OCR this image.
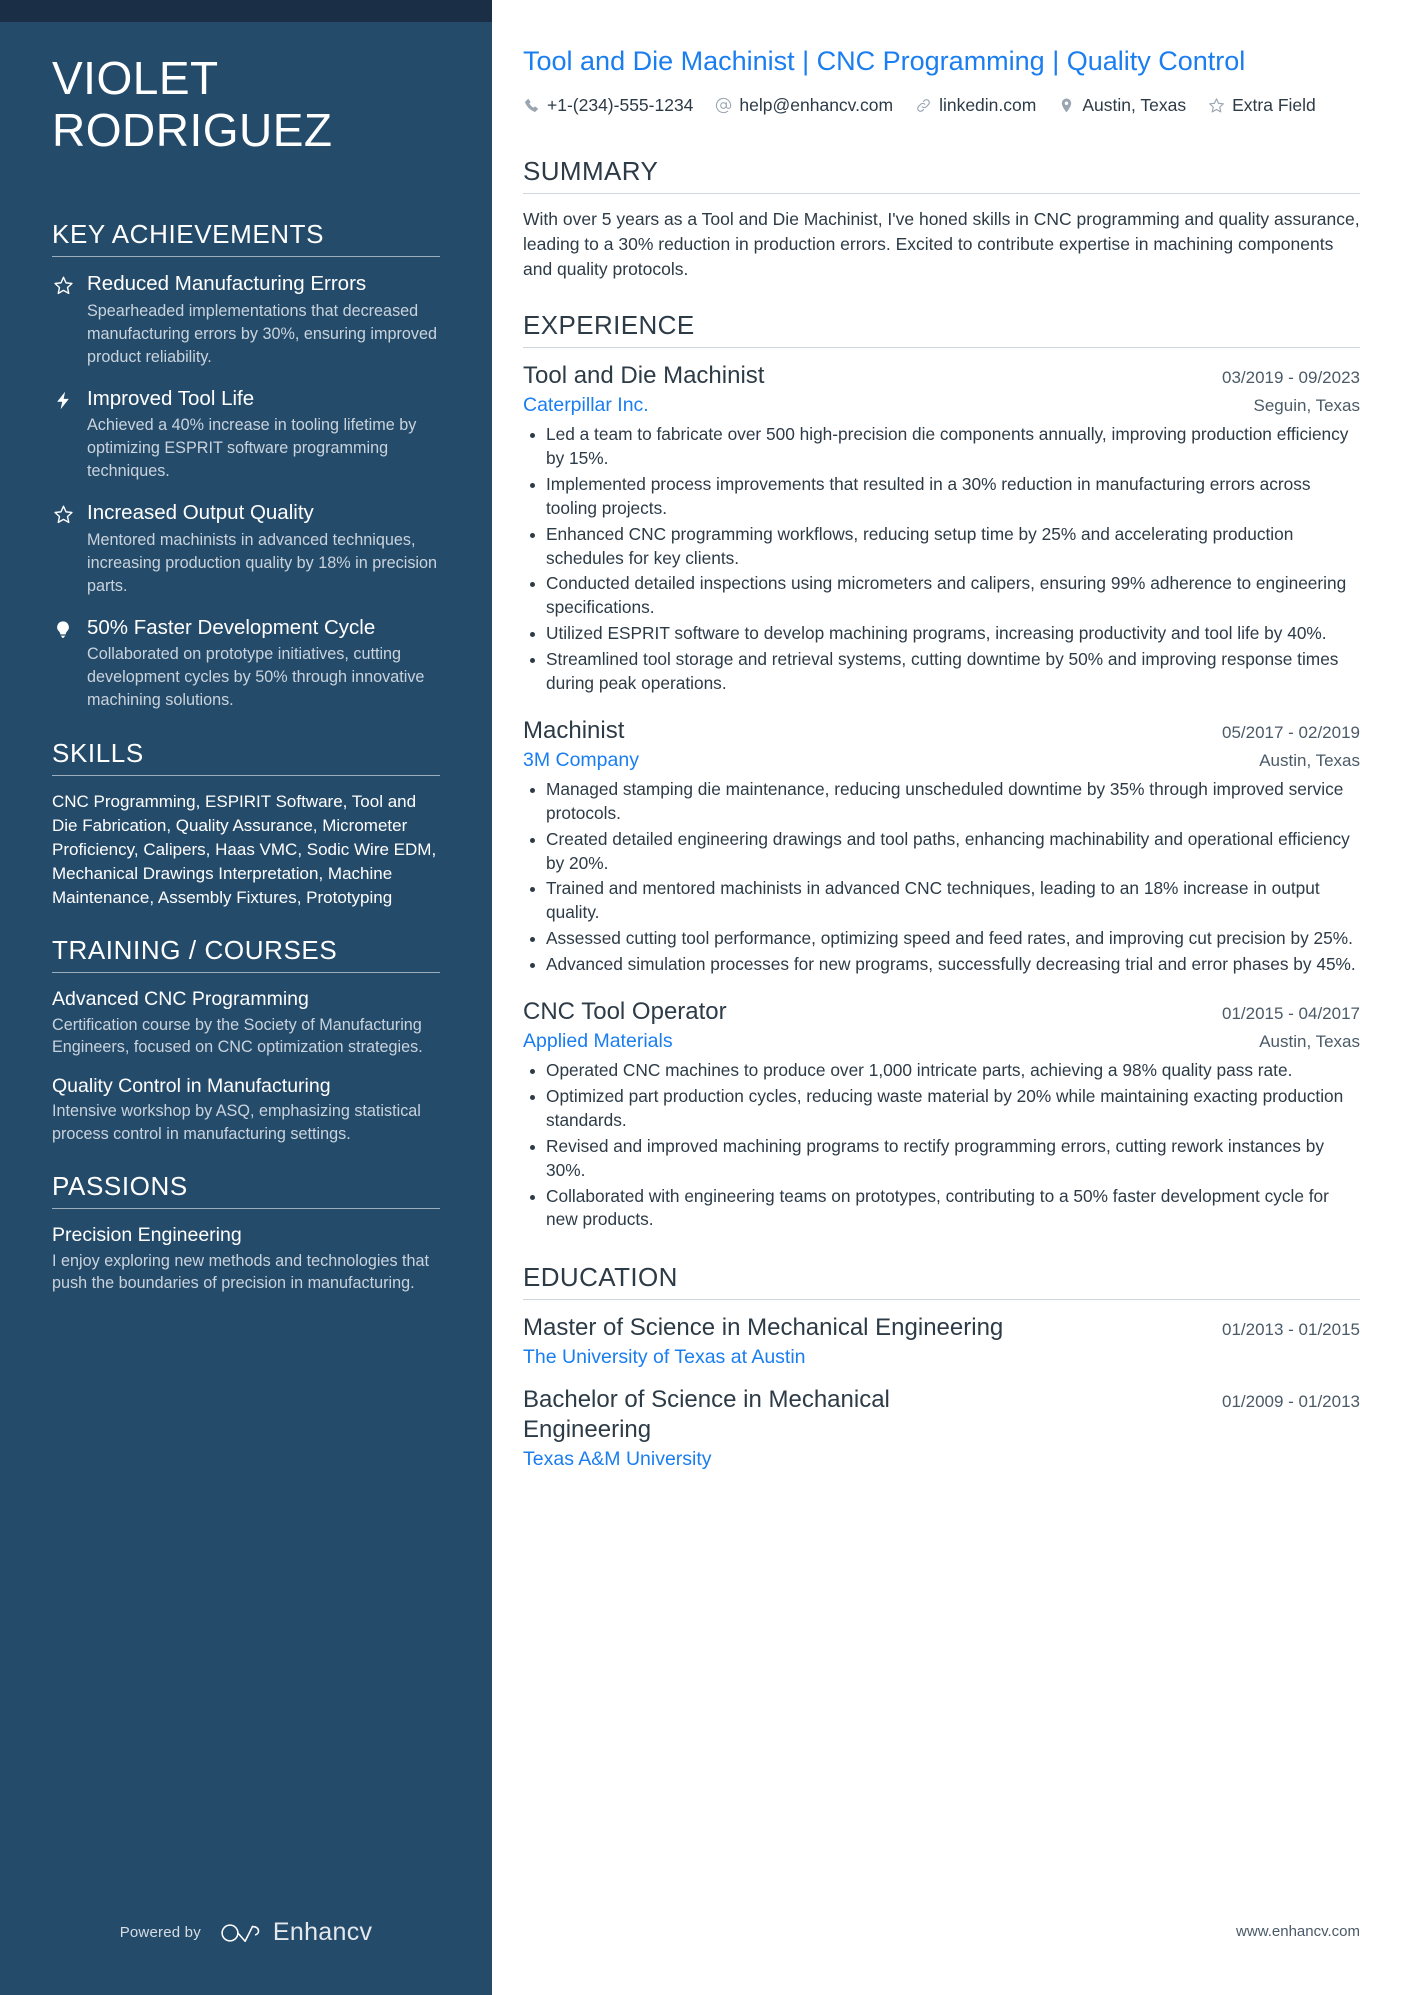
VIOLET
RODRIGUEZ
KEY ACHIEVEMENTS
Reduced Manufacturing Errors
Spearheaded implementations that decreased manufacturing errors by 30%, ensuring improved product reliability.
Improved Tool Life
Achieved a 40% increase in tooling lifetime by optimizing ESPRIT software programming techniques.
Increased Output Quality
Mentored machinists in advanced techniques, increasing production quality by 18% in precision parts.
50% Faster Development Cycle
Collaborated on prototype initiatives, cutting development cycles by 50% through innovative machining solutions.
SKILLS
CNC Programming, ESPIRIT Software, Tool and Die Fabrication, Quality Assurance, Micrometer Proficiency, Calipers, Haas VMC, Sodic Wire EDM, Mechanical Drawings Interpretation, Machine Maintenance, Assembly Fixtures, Prototyping
TRAINING / COURSES
Advanced CNC Programming
Certification course by the Society of Manufacturing Engineers, focused on CNC optimization strategies.
Quality Control in Manufacturing
Intensive workshop by ASQ, emphasizing statistical process control in manufacturing settings.
PASSIONS
Precision Engineering
I enjoy exploring new methods and technologies that push the boundaries of precision in manufacturing.
Powered by	Enhancv
Tool and Die Machinist | CNC Programming | Quality Control
+1-(234)-555-1234	help@enhancv.com	linkedin.com	Austin, Texas	Extra Field
SUMMARY

With over 5 years as a Tool and Die Machinist, I've honed skills in CNC programming and quality assurance, leading to a 30% reduction in production errors. Excited to contribute expertise in machining components and quality protocols.

EXPERIENCE
Tool and Die Machinist	03/2019 - 09/2023
Caterpillar Inc.	Seguin, Texas
Led a team to fabricate over 500 high-precision die components annually, improving production efficiency by 15%.
Implemented process improvements that resulted in a 30% reduction in manufacturing errors across tooling projects.
Enhanced CNC programming workflows, reducing setup time by 25% and accelerating production schedules for key clients.
Conducted detailed inspections using micrometers and calipers, ensuring 99% adherence to engineering specifications.
Utilized ESPRIT software to develop machining programs, increasing productivity and tool life by 40%.
Streamlined tool storage and retrieval systems, cutting downtime by 50% and improving response times during peak operations.
Machinist	05/2017 - 02/2019
3M Company	Austin, Texas
Managed stamping die maintenance, reducing unscheduled downtime by 35% through improved service protocols.
Created detailed engineering drawings and tool paths, enhancing machinability and operational efficiency by 20%.
Trained and mentored machinists in advanced CNC techniques, leading to an 18% increase in output quality.
Assessed cutting tool performance, optimizing speed and feed rates, and improving cut precision by 25%.
Advanced simulation processes for new programs, successfully decreasing trial and error phases by 45%.
CNC Tool Operator	01/2015 - 04/2017
Applied Materials	Austin, Texas
Operated CNC machines to produce over 1,000 intricate parts, achieving a 98% quality pass rate.
Optimized part production cycles, reducing waste material by 20% while maintaining exacting production standards.
Revised and improved machining programs to rectify programming errors, cutting rework instances by 30%.
Collaborated with engineering teams on prototypes, contributing to a 50% faster development cycle for new products.
EDUCATION
Master of Science in Mechanical Engineering	01/2013 - 01/2015
The University of Texas at Austin
Bachelor of Science in Mechanical Engineering
01/2009 - 01/2013
Texas A&M University
www.enhancv.com
